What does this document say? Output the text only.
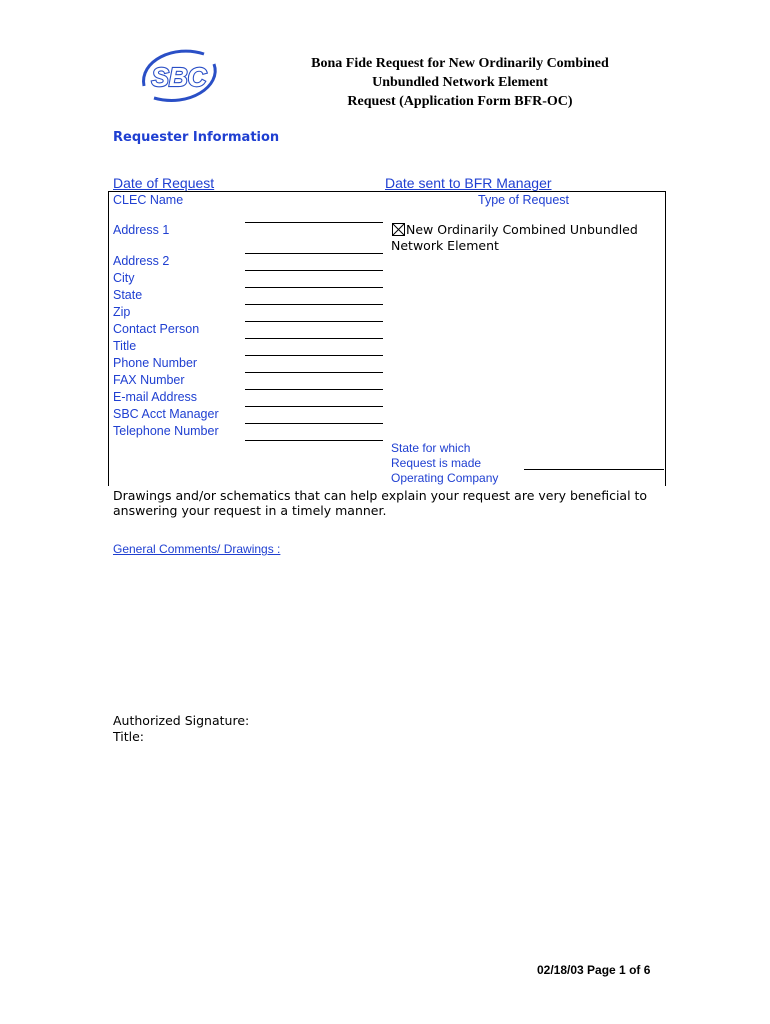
SBC	Bona Fide Request for New Ordinarily Combined
Unbundled Network Element
Request (Application Form BFR-OC)
Requester Information
Date of Request	Date sent to BFR Manager
CLEC Name
Address 1
Address 2
City
State
Zip
Contact Person
Title
Phone Number
FAX Number
E-mail Address
SBC Acct Manager
Telephone Number
Type of Request
New Ordinarily Combined Unbundled
Network Element
State for which
Request is made
Operating Company
Drawings and/or schematics that can help explain your request are very beneficial to
answering your request in a timely manner.
General Comments/ Drawings :
Authorized Signature:
Title:
02/18/03 Page 1 of 6
